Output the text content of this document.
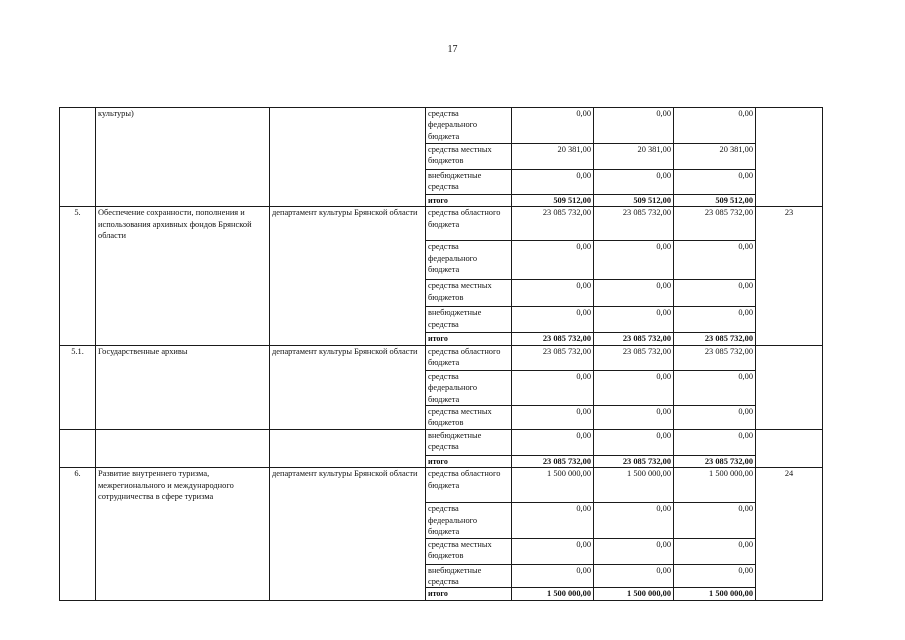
17
	культуры)		средства федерального бюджета	0,00	0,00	0,00	
			средства местных бюджетов	20 381,00	20 381,00	20 381,00	
			внебюджетные средства	0,00	0,00	0,00	
			итого	509 512,00	509 512,00	509 512,00	
5.	Обеспечение сохранности, пополнения и использования архивных фондов Брянской области	департамент культуры Брянской области	средства областного бюджета	23 085 732,00	23 085 732,00	23 085 732,00	23
			средства федерального бюджета	0,00	0,00	0,00	
			средства местных бюджетов	0,00	0,00	0,00	
			внебюджетные средства	0,00	0,00	0,00	
			итого	23 085 732,00	23 085 732,00	23 085 732,00	
5.1.	Государственные архивы	департамент культуры Брянской области	средства областного бюджета	23 085 732,00	23 085 732,00	23 085 732,00	
			средства федерального бюджета	0,00	0,00	0,00	
			средства местных бюджетов	0,00	0,00	0,00	
			внебюджетные средства	0,00	0,00	0,00	
			итого	23 085 732,00	23 085 732,00	23 085 732,00	
6.	Развитие внутреннего туризма, межрегионального и международного сотрудничества в сфере туризма	департамент культуры Брянской области	средства областного бюджета	1 500 000,00	1 500 000,00	1 500 000,00	24
			средства федерального бюджета	0,00	0,00	0,00	
			средства местных бюджетов	0,00	0,00	0,00	
			внебюджетные средства	0,00	0,00	0,00	
			итого	1 500 000,00	1 500 000,00	1 500 000,00	
